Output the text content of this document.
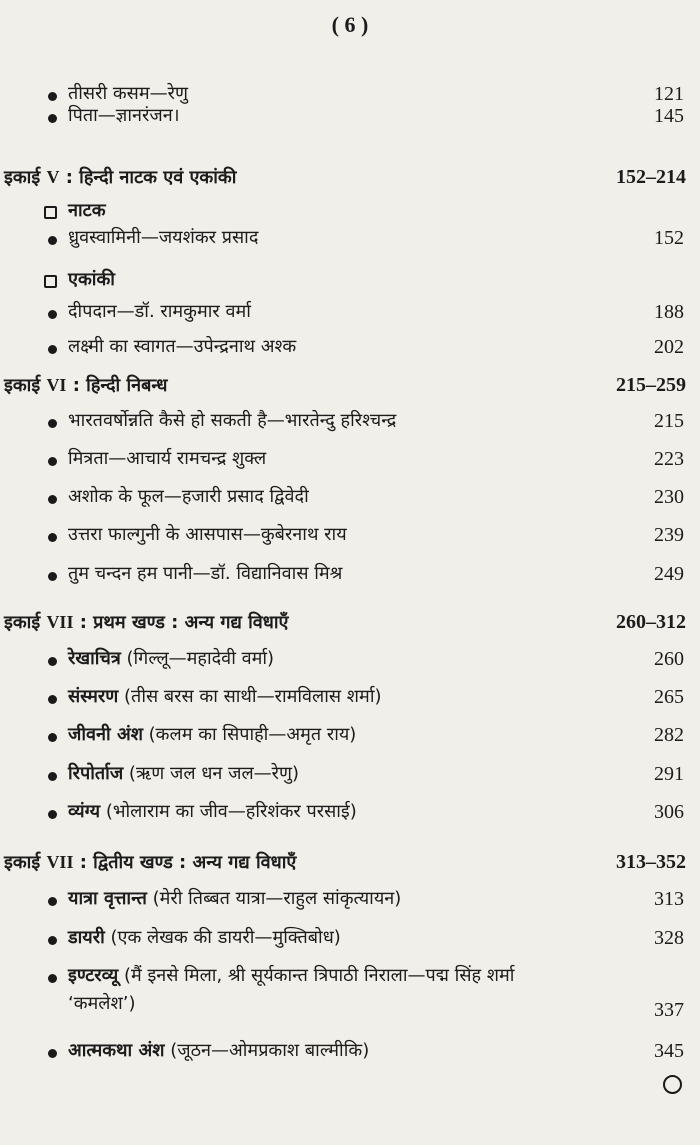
( 6 )
तीसरी कसम—रेणु	121
पिता—ज्ञानरंजन।	145
इकाई V : हिन्दी नाटक एवं एकांकी	152–214
नाटक
ध्रुवस्वामिनी—जयशंकर प्रसाद	152
एकांकी
दीपदान—डॉ. रामकुमार वर्मा	188
लक्ष्मी का स्वागत—उपेन्द्रनाथ अश्क	202
इकाई VI : हिन्दी निबन्ध	215–259
भारतवर्षोन्नति कैसे हो सकती है—भारतेन्दु हरिश्चन्द्र	215
मित्रता—आचार्य रामचन्द्र शुक्ल	223
अशोक के फूल—हजारी प्रसाद द्विवेदी	230
उत्तरा फाल्गुनी के आसपास—कुबेरनाथ राय	239
तुम चन्दन हम पानी—डॉ. विद्यानिवास मिश्र	249
इकाई VII : प्रथम खण्ड : अन्य गद्य विधाएँ	260–312
रेखाचित्र (गिल्लू—महादेवी वर्मा)	260
संस्मरण (तीस बरस का साथी—रामविलास शर्मा)	265
जीवनी अंश (कलम का सिपाही—अमृत राय)	282
रिपोर्ताज (ऋण जल धन जल—रेणु)	291
व्यंग्य (भोलाराम का जीव—हरिशंकर परसाई)	306
इकाई VII : द्वितीय खण्ड : अन्य गद्य विधाएँ	313–352
यात्रा वृत्तान्त (मेरी तिब्बत यात्रा—राहुल सांकृत्यायन)	313
डायरी (एक लेखक की डायरी—मुक्तिबोध)	328
इण्टरव्यू (मैं इनसे मिला, श्री सूर्यकान्त त्रिपाठी निराला—पद्म सिंह शर्मा
‘कमलेश’)	337
आत्मकथा अंश (जूठन—ओमप्रकाश बाल्मीकि)	345
